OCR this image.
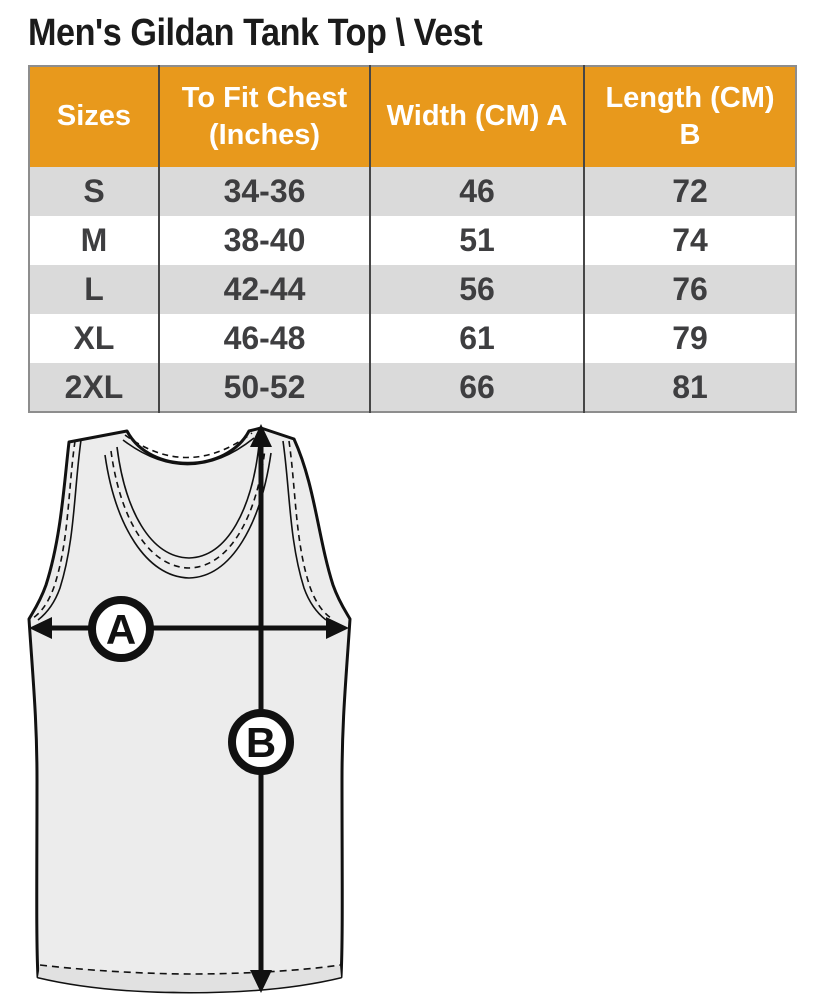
Men's Gildan Tank Top \ Vest
Sizes	To Fit Chest (Inches)	Width (CM) A	Length (CM) B
S	34-36	46	72
M	38-40	51	74
L	42-44	56	76
XL	46-48	61	79
2XL	50-52	66	81
A
B
